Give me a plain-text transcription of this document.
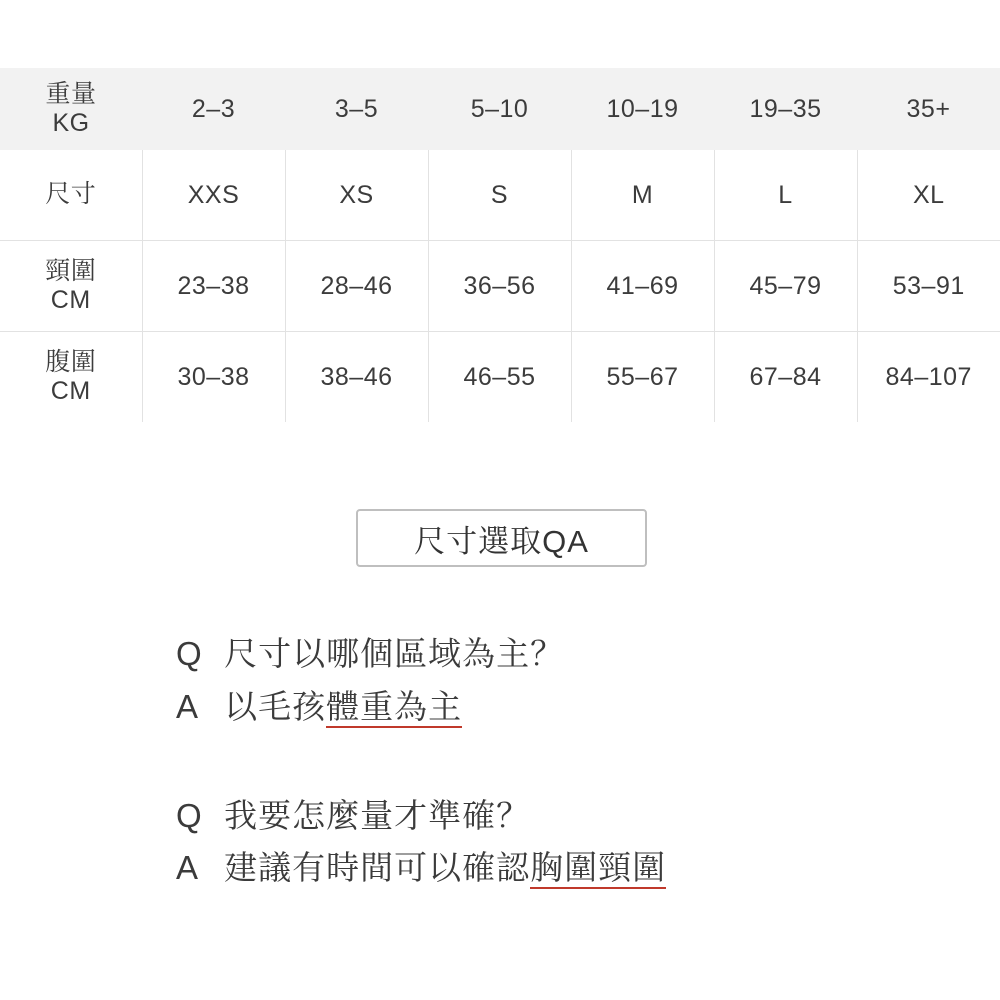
重量
KG	2–3	3–5	5–10	10–19	19–35	35+

尺寸	XXS	XS	S	M	L	XL

頸圍
CM	23–38	28–46	36–56	41–69	45–79	53–91

腹圍
CM	30–38	38–46	46–55	55–67	67–84	84–107
尺寸選取QA
Q 尺寸以哪個區域為主？
A 以毛孩體重為主
Q 我要怎麼量才準確？
A 建議有時間可以確認胸圍頸圍
